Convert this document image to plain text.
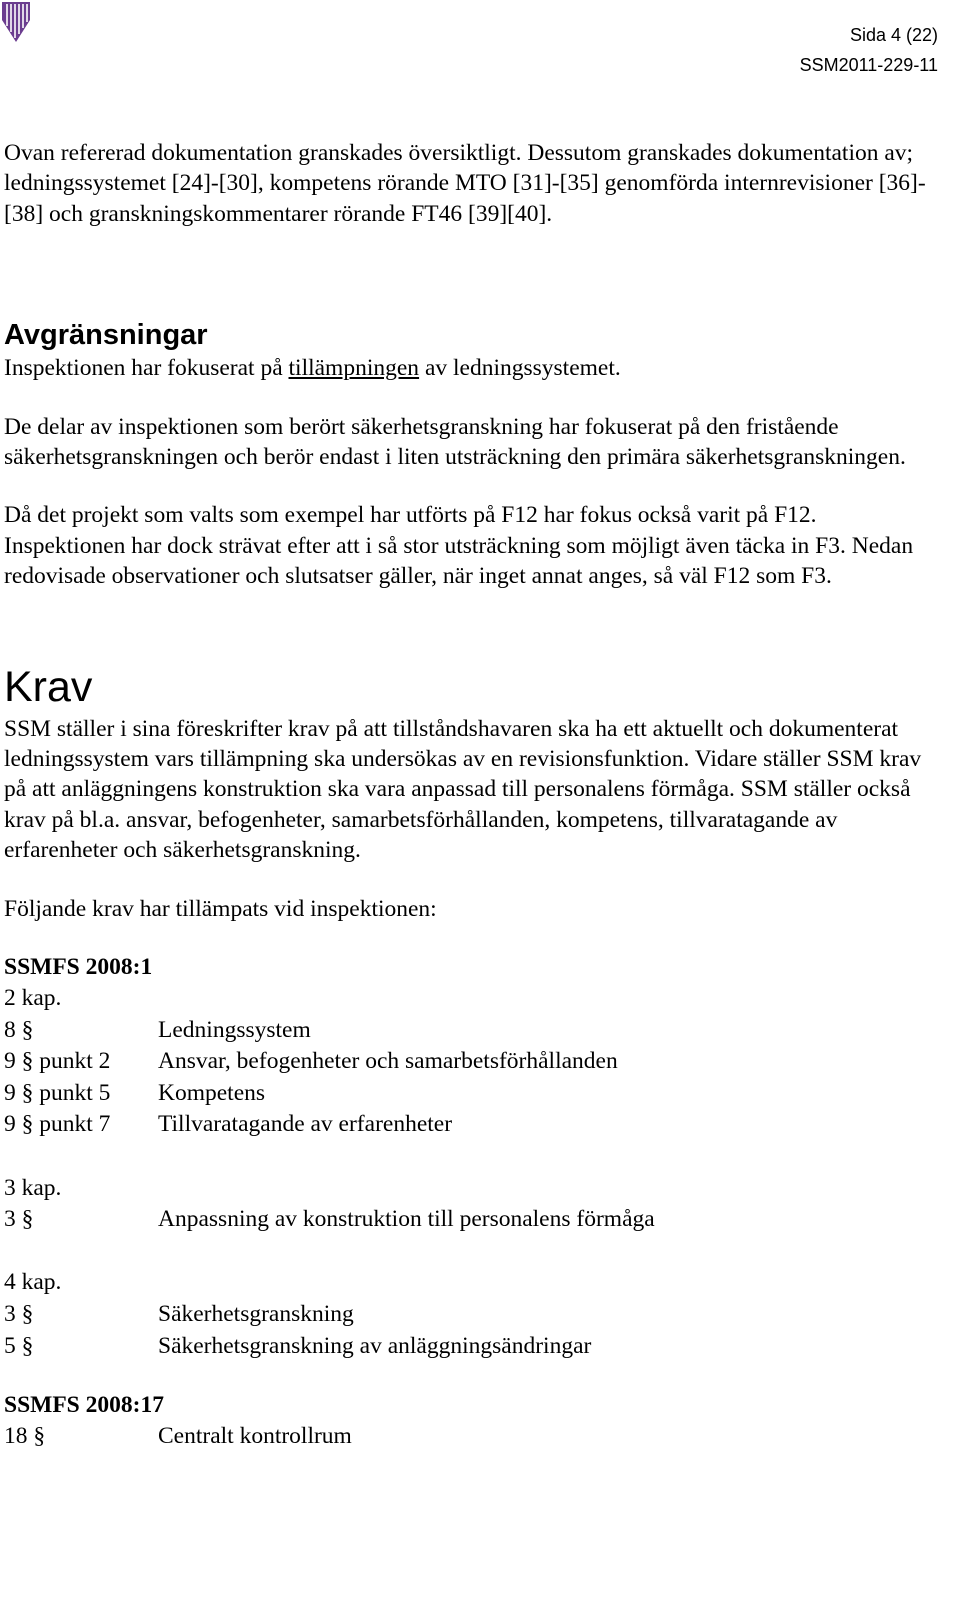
Sida 4 (22)
SSM2011-229-11

Ovan refererad dokumentation granskades översiktligt. Dessutom granskades dokumentation av; ledningssystemet [24]-[30], kompetens rörande MTO [31]-[35] genomförda internrevisioner [36]-[38] och granskningskommentarer rörande FT46 [39][40].

Avgränsningar

Inspektionen har fokuserat på tillämpningen av ledningssystemet.

De delar av inspektionen som berört säkerhetsgranskning har fokuserat på den fristående säkerhetsgranskningen och berör endast i liten utsträckning den primära säkerhetsgranskningen.

Då det projekt som valts som exempel har utförts på F12 har fokus också varit på F12. Inspektionen har dock strävat efter att i så stor utsträckning som möjligt även täcka in F3. Nedan redovisade observationer och slutsatser gäller, när inget annat anges, så väl F12 som F3.

Krav

SSM ställer i sina föreskrifter krav på att tillståndshavaren ska ha ett aktuellt och dokumenterat ledningssystem vars tillämpning ska undersökas av en revisionsfunktion. Vidare ställer SSM krav på att anläggningens konstruktion ska vara anpassad till personalens förmåga. SSM ställer också krav på bl.a. ansvar, befogenheter, samarbetsförhållanden, kompetens, tillvaratagande av erfarenheter och säkerhetsgranskning.

Följande krav har tillämpats vid inspektionen:

SSMFS 2008:1
2 kap.
8 §	Ledningssystem
9 § punkt 2	Ansvar, befogenheter och samarbetsförhållanden
9 § punkt 5	Kompetens
9 § punkt 7	Tillvaratagande av erfarenheter
3 kap.
3 §	Anpassning av konstruktion till personalens förmåga
4 kap.
3 §	Säkerhetsgranskning
5 §	Säkerhetsgranskning av anläggningsändringar
SSMFS 2008:17
18 §	Centralt kontrollrum
